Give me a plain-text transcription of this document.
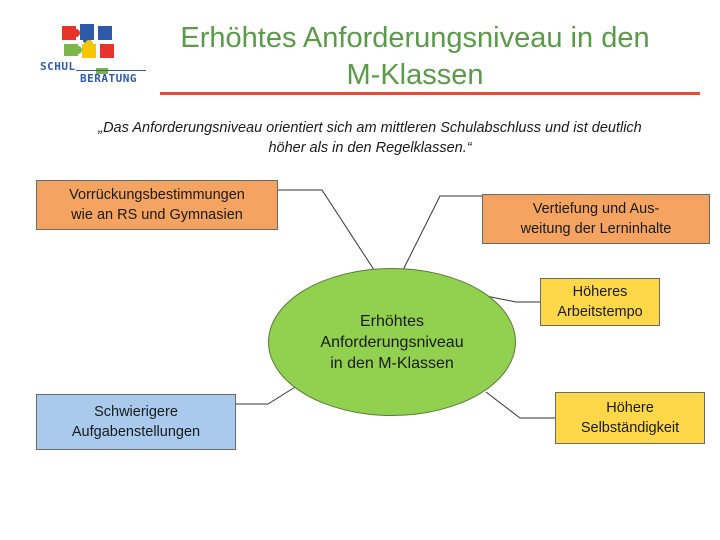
SCHUL
BERATUNG
Erhöhtes Anforderungsniveau in den M-Klassen
„Das Anforderungsniveau orientiert sich am mittleren Schulabschluss und ist deutlich höher als in den Regelklassen.“
Vorrückungsbestimmungen
wie an RS und Gymnasien	Vertiefung und Aus-
weitung der Lerninhalte
Höheres
Arbeitstempo
Erhöhtes
Anforderungsniveau
in den M-Klassen
Schwierigere
Aufgabenstellungen
Höhere
Selbständigkeit
